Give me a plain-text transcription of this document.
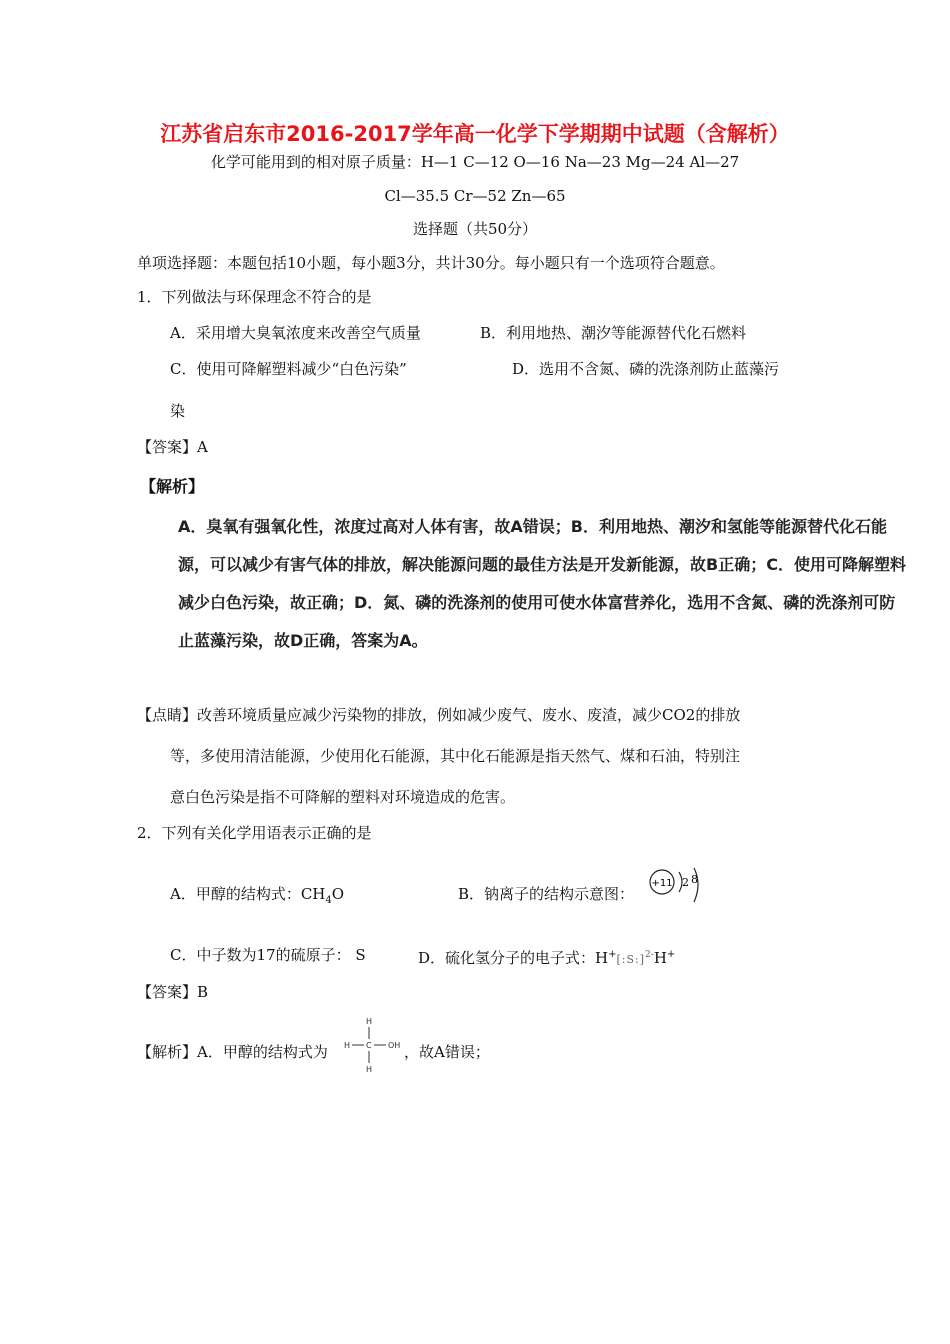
江苏省启东市2016-2017学年高一化学下学期期中试题（含解析）
化学可能用到的相对原子质量：H—1 C—12 O—16 Na—23 Mg—24 Al—27
Cl—35.5 Cr—52 Zn—65
选择题（共50分）
单项选择题：本题包括10小题，每小题3分，共计30分。每小题只有一个选项符合题意。
1．下列做法与环保理念不符合的是
A．采用增大臭氧浓度来改善空气质量	B．利用地热、潮汐等能源替代化石燃料
C．使用可降解塑料减少“白色污染”	D．选用不含氮、磷的洗涤剂防止蓝藻污
染
【答案】A
【解析】
A．臭氧有强氧化性，浓度过高对人体有害，故A错误；B．利用地热、潮汐和氢能等能源替代化石能源，可以减少有害气体的排放，解决能源问题的最佳方法是开发新能源，故B正确；C．使用可降解塑料减少白色污染，故正确；D．氮、磷的洗涤剂的使用可使水体富营养化，选用不含氮、磷的洗涤剂可防止蓝藻污染，故D正确，答案为A。
【点睛】改善环境质量应减少污染物的排放，例如减少废气、废水、废渣，减少CO2的排放
等，多使用清洁能源，少使用化石能源，其中化石能源是指天然气、煤和石油，特别注
意白色污染是指不可降解的塑料对环境造成的危害。
2．下列有关化学用语表示正确的是
A．甲醇的结构式：$CH_4O$	B．钠离子的结构示意图：
+11 2 8
C．中子数为17的硫原子： S	D．硫化氢分子的电子式：H+[:S:]$^{2-}$H+
【答案】B
【解析】A．甲醇的结构式为
H
H C OH
H
，故A错误；
